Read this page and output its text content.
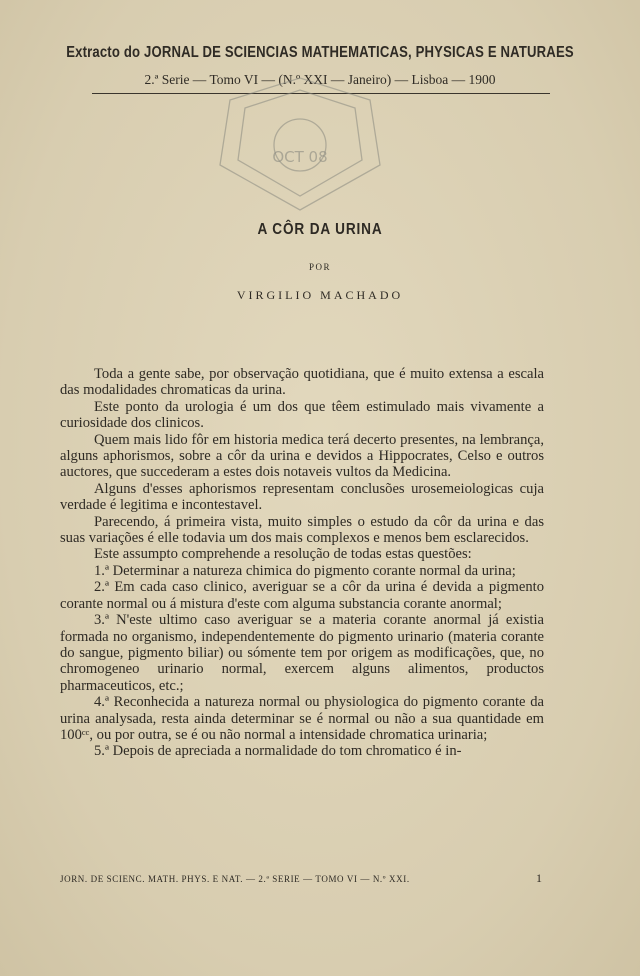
Extracto do JORNAL DE SCIENCIAS MATHEMATICAS, PHYSICAS E NATURAES
2.ª Serie — Tomo VI — (N.º XXI — Janeiro) — Lisboa — 1900
OCT 08
A CÔR DA URINA
POR
VIRGILIO MACHADO

Toda a gente sabe, por observação quotidiana, que é muito extensa a escala das modalidades chromaticas da urina.

Este ponto da urologia é um dos que têem estimulado mais vivamente a curiosidade dos clinicos.

Quem mais lido fôr em historia medica terá decerto presentes, na lembrança, alguns aphorismos, sobre a côr da urina e devidos a Hippocrates, Celso e outros auctores, que succederam a estes dois notaveis vultos da Medicina.

Alguns d'esses aphorismos representam conclusões urosemeiologicas cuja verdade é legitima e incontestavel.

Parecendo, á primeira vista, muito simples o estudo da côr da urina e das suas variações é elle todavia um dos mais complexos e menos bem esclarecidos.

Este assumpto comprehende a resolução de todas estas questões:

1.ª Determinar a natureza chimica do pigmento corante normal da urina;

2.ª Em cada caso clinico, averiguar se a côr da urina é devida a pigmento corante normal ou á mistura d'este com alguma substancia corante anormal;

3.ª N'este ultimo caso averiguar se a materia corante anormal já existia formada no organismo, independentemente do pigmento urinario (materia corante do sangue, pigmento biliar) ou sómente tem por origem as modificações, que, no chromogeneo urinario normal, exercem alguns alimentos, productos pharmaceuticos, etc.;

4.ª Reconhecida a natureza normal ou physiologica do pigmento corante da urina analysada, resta ainda determinar se é normal ou não a sua quantidade em 100ᶜᶜ, ou por outra, se é ou não normal a intensidade chromatica urinaria;

5.ª Depois de apreciada a normalidade do tom chromatico é in-

JORN. DE SCIENC. MATH. PHYS. E NAT. — 2.ª SERIE — TOMO VI — N.º XXI.	1
